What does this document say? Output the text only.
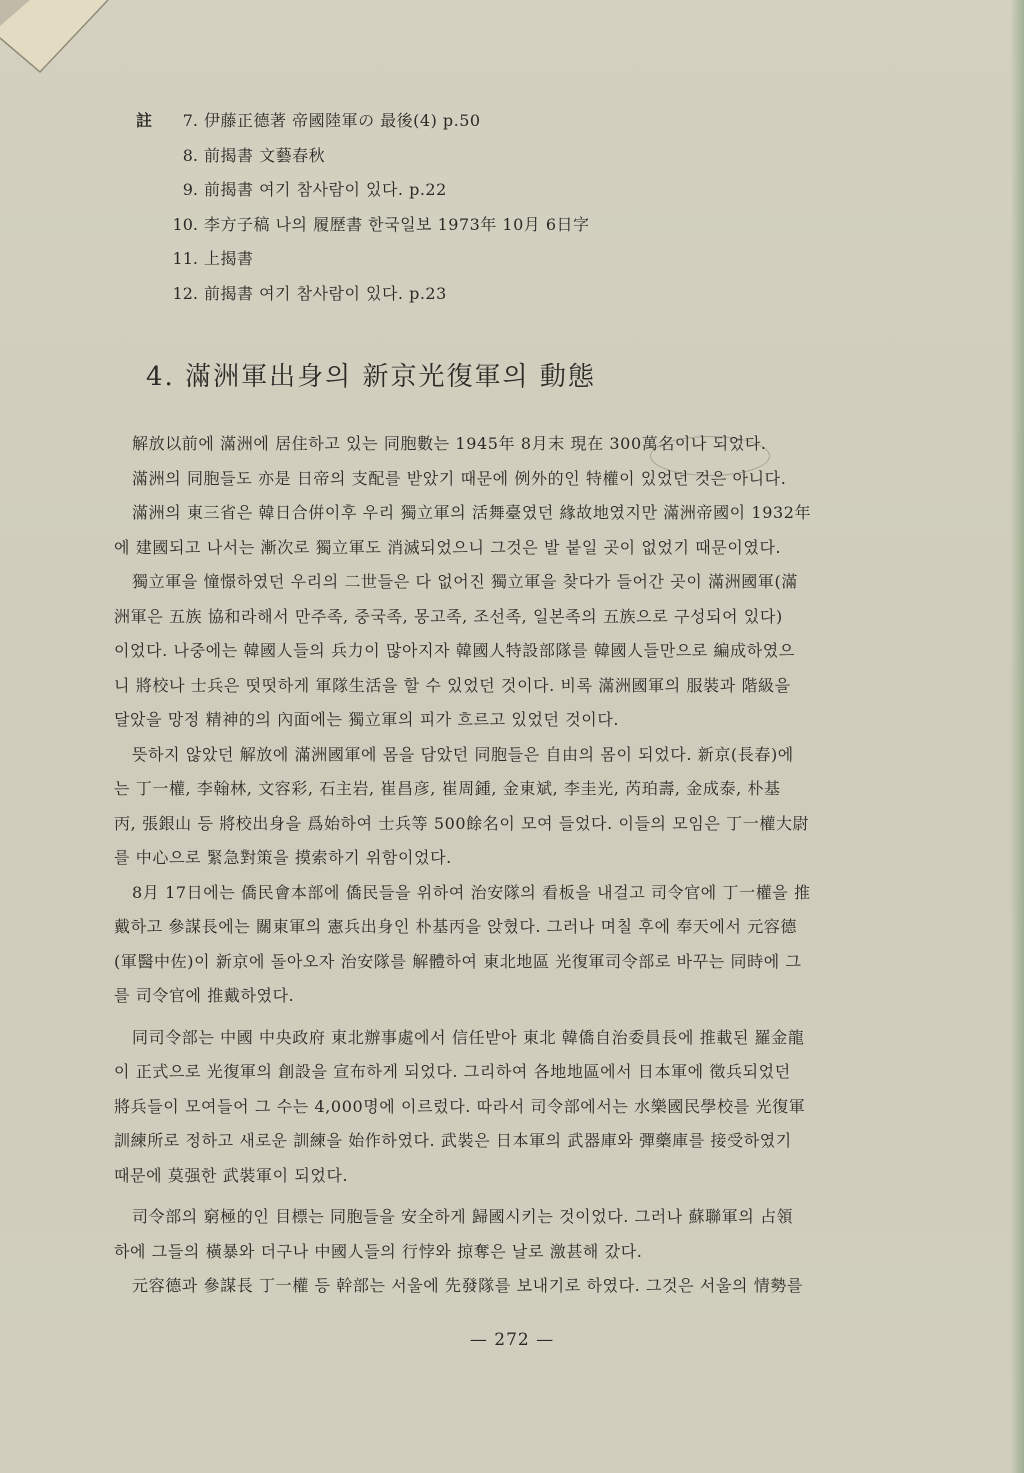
註	7. 伊藤正德著 帝國陸軍の 最後(4) p.50
8. 前揭書 文藝春秋
9. 前揭書 여기 참사람이 있다. p.22
10. 李方子稿 나의 履歷書 한국일보 1973年 10月 6日字
11. 上揭書
12. 前揭書 여기 참사람이 있다. p.23
4. 滿洲軍出身의 新京光復軍의 動態
解放以前에 滿洲에 居住하고 있는 同胞數는 1945年 8月末 現在 300萬名이나 되었다.
滿洲의 同胞들도 亦是 日帝의 支配를 받았기 때문에 例外的인 特權이 있었던 것은 아니다.
滿洲의 東三省은 韓日合倂이후 우리 獨立軍의 活舞臺였던 緣故地였지만 滿洲帝國이 1932年
에 建國되고 나서는 漸次로 獨立軍도 消滅되었으니 그것은 발 붙일 곳이 없었기 때문이였다.
獨立軍을 憧憬하였던 우리의 二世들은 다 없어진 獨立軍을 찾다가 들어간 곳이 滿洲國軍(滿
洲軍은 五族 協和라해서 만주족, 중국족, 몽고족, 조선족, 일본족의 五族으로 구성되어 있다)
이었다. 나중에는 韓國人들의 兵力이 많아지자 韓國人特設部隊를 韓國人들만으로 編成하였으
니 將校나 士兵은 떳떳하게 軍隊生活을 할 수 있었던 것이다. 비록 滿洲國軍의 服裝과 階級을
달았을 망정 精神的의 內面에는 獨立軍의 피가 흐르고 있었던 것이다.
뜻하지 않았던 解放에 滿洲國軍에 몸을 담았던 同胞들은 自由의 몸이 되었다. 新京(長春)에
는 丁一權, 李翰林, 文容彩, 石主岩, 崔昌彦, 崔周鍾, 金東斌, 李圭光, 芮珀壽, 金成泰, 朴基
丙, 張銀山 등 將校出身을 爲始하여 士兵等 500餘名이 모여 들었다. 이들의 모임은 丁一權大尉
를 中心으로 緊急對策을 摸索하기 위함이었다.
8月 17日에는 僑民會本部에 僑民들을 위하여 治安隊의 看板을 내걸고 司令官에 丁一權을 推
戴하고 參謀長에는 關東軍의 憲兵出身인 朴基丙을 앉혔다. 그러나 며칠 후에 奉天에서 元容德
(軍醫中佐)이 新京에 돌아오자 治安隊를 解體하여 東北地區 光復軍司令部로 바꾸는 同時에 그
를 司令官에 推戴하였다.
同司令部는 中國 中央政府 東北辦事處에서 信任받아 東北 韓僑自治委員長에 推載된 羅金龍
이 正式으로 光復軍의 創設을 宣布하게 되었다. 그리하여 各地地區에서 日本軍에 徵兵되었던
將兵들이 모여들어 그 수는 4,000명에 이르렀다. 따라서 司令部에서는 水樂國民學校를 光復軍
訓練所로 정하고 새로운 訓練을 始作하였다. 武裝은 日本軍의 武器庫와 彈藥庫를 接受하였기
때문에 莫强한 武裝軍이 되었다.
司令部의 窮極的인 目標는 同胞들을 安全하게 歸國시키는 것이었다. 그러나 蘇聯軍의 占領
하에 그들의 橫暴와 더구나 中國人들의 行悖와 掠奪은 날로 激甚해 갔다.
元容德과 參謀長 丁一權 등 幹部는 서울에 先發隊를 보내기로 하였다. 그것은 서울의 情勢를
— 272 —
